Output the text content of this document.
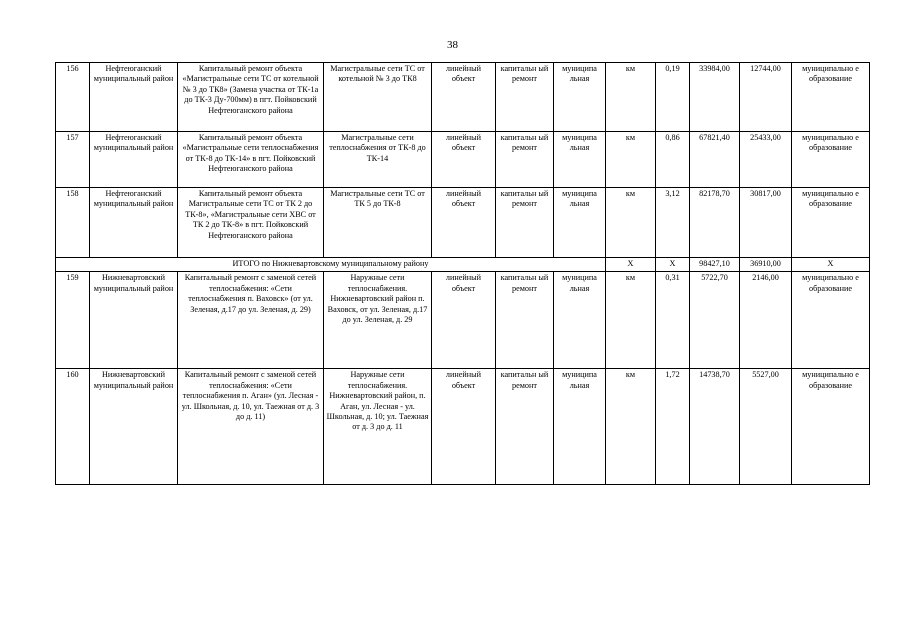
38
156	Нефтеюганский муниципальный район	Капитальный ремонт объекта «Магистральные сети ТС от котельной № 3 до ТК8» (Замена участка от ТК-1а до ТК-3 Ду-700мм) в пгт. Пойковский Нефтеюганского района	Магистральные сети ТС от котельной № 3 до ТК8	линейный объект	капитальн ый ремонт	муниципа льная	км	0,19	33984,00	12744,00	муниципально е образование
157	Нефтеюганский муниципальный район	Капитальный ремонт объекта «Магистральные сети теплоснабжения от ТК-8 до ТК-14» в пгт. Пойковский Нефтеюганского района	Магистральные сети теплоснабжения от ТК-8 до ТК-14	линейный объект	капитальн ый ремонт	муниципа льная	км	0,86	67821,40	25433,00	муниципально е образование
158	Нефтеюганский муниципальный район	Капитальный ремонт объекта Магистральные сети ТС от ТК 2 до ТК-8», «Магистральные сети ХВС от ТК 2 до ТК-8» в пгт. Пойковский Нефтеюганского района	Магистральные сети ТС от ТК 5 до ТК-8	линейный объект	капитальн ый ремонт	муниципа льная	км	3,12	82178,70	30817,00	муниципально е образование
ИТОГО по Нижневартовскому муниципальному району							Х	Х	98427,10	36910,00	Х
159	Нижневартовский муниципальный район	Капитальный ремонт с заменой сетей теплоснабжения: «Сети теплоснабжения п. Ваховск» (от ул. Зеленая, д.17 до ул. Зеленая, д. 29)	Наружные сети теплоснабжения. Нижневартовский район п. Ваховск, от ул. Зеленая, д.17 до ул. Зеленая, д. 29	линейный объект	капитальн ый ремонт	муниципа льная	км	0,31	5722,70	2146,00	муниципально е образование
160	Нижневартовский муниципальный район	Капитальный ремонт с заменой сетей теплоснабжения: «Сети теплоснабжения п. Аган» (ул. Лесная - ул. Школьная, д. 10, ул. Таежная от д. 3 до д. 11)	Наружные сети теплоснабжения. Нижневартовский район, п. Аган, ул. Лесная - ул. Школьная, д. 10; ул. Таежная от д. 3 до д. 11	линейный объект	капитальн ый ремонт	муниципа льная	км	1,72	14738,70	5527,00	муниципально е образование
